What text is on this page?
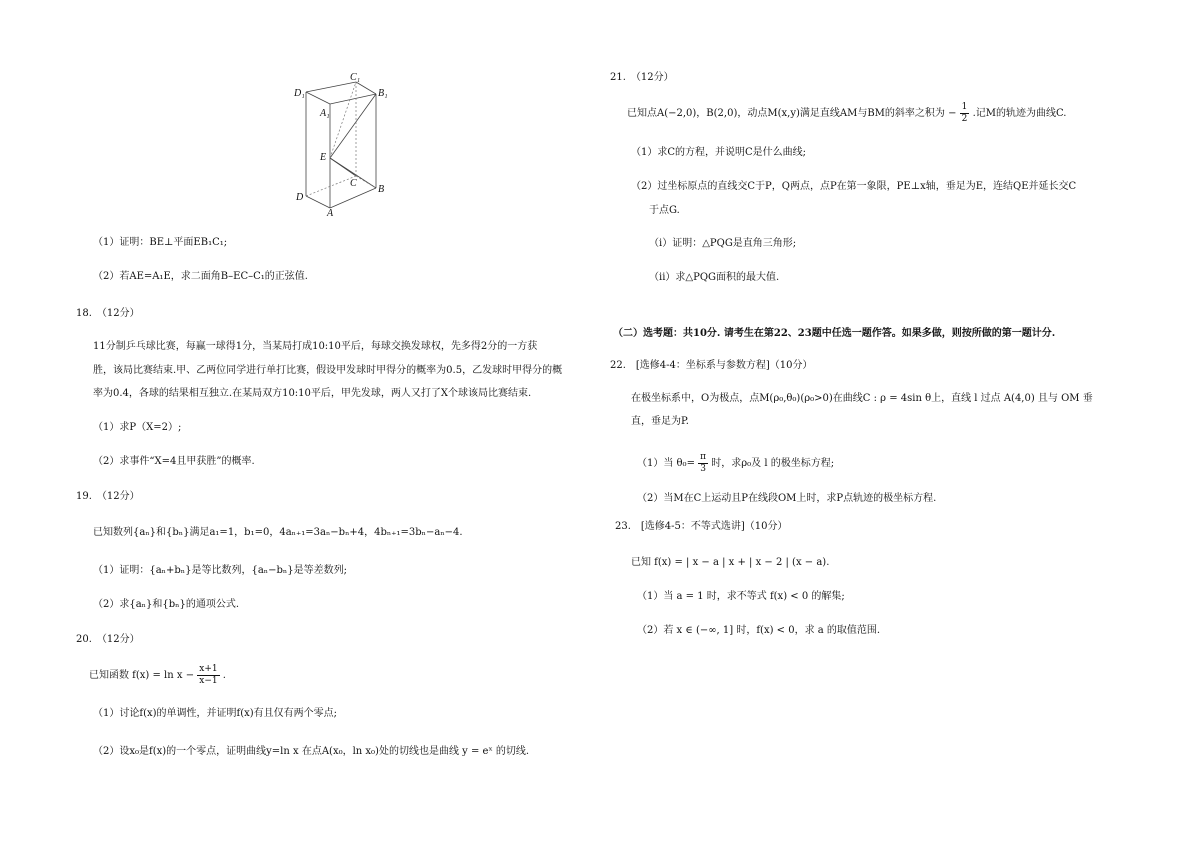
C₁
D₁	B₁
A₁
E
C
B
D
A
（1）证明：BE⊥平面EB₁C₁;
（2）若AE=A₁E，求二面角B–EC–C₁的正弦值.
18.　（12分）
11分制乒乓球比赛，每赢一球得1分，当某局打成10:10平后，每球交换发球权，先多得2分的一方获
胜，该局比赛结束.甲、乙两位同学进行单打比赛，假设甲发球时甲得分的概率为0.5，乙发球时甲得分的概
率为0.4，各球的结果相互独立.在某局双方10:10平后，甲先发球，两人又打了X个球该局比赛结束.
（1）求P（X=2）;
（2）求事件“X=4且甲获胜”的概率.
19.　（12分）
已知数列{aₙ}和{bₙ}满足a₁=1，b₁=0，4aₙ₊₁=3aₙ−bₙ+4，4bₙ₊₁=3bₙ−aₙ−4.
（1）证明：{aₙ+bₙ}是等比数列，{aₙ−bₙ}是等差数列;
（2）求{aₙ}和{bₙ}的通项公式.
20.　（12分）
已知函数 $f(x) = \ln x - \frac{x+1}{x-1}$ .
（1）讨论f(x)的单调性，并证明f(x)有且仅有两个零点;
（2）设x₀是f(x)的一个零点，证明曲线y=ln x 在点A(x₀，ln x₀)处的切线也是曲线 y = eˣ 的切线.
21.　（12分）
已知点A(−2,0)，B(2,0)，动点M(x,y)满足直线AM与BM的斜率之积为 − $\frac{1}{2}$ .记M的轨迹为曲线C.
（1）求C的方程，并说明C是什么曲线;
（2）过坐标原点的直线交C于P，Q两点，点P在第一象限，PE⊥x轴，垂足为E，连结QE并延长交C
于点G.
（i）证明：△PQG是直角三角形;
（ii）求△PQG面积的最大值.
（二）选考题：共10分. 请考生在第22、23题中任选一题作答。如果多做，则按所做的第一题计分.
22.　[选修4-4：坐标系与参数方程]（10分）
在极坐标系中，O为极点，点M(ρ₀,θ₀)(ρ₀>0)在曲线C : ρ = 4sin θ上，直线 l 过点 A(4,0) 且与 OM 垂
直，垂足为P.
（1）当 $\theta_0= \frac{\pi}{3}$ 时，求ρ₀及 l 的极坐标方程;
（2）当M在C上运动且P在线段OM上时，求P点轨迹的极坐标方程.
23.　[选修4-5：不等式选讲]（10分）
已知 f(x) = | x − a | x + | x − 2 | (x − a).
（1）当 a = 1 时，求不等式 f(x) < 0 的解集;
（2）若 x ∈ (−∞, 1] 时，f(x) < 0，求 a 的取值范围.
